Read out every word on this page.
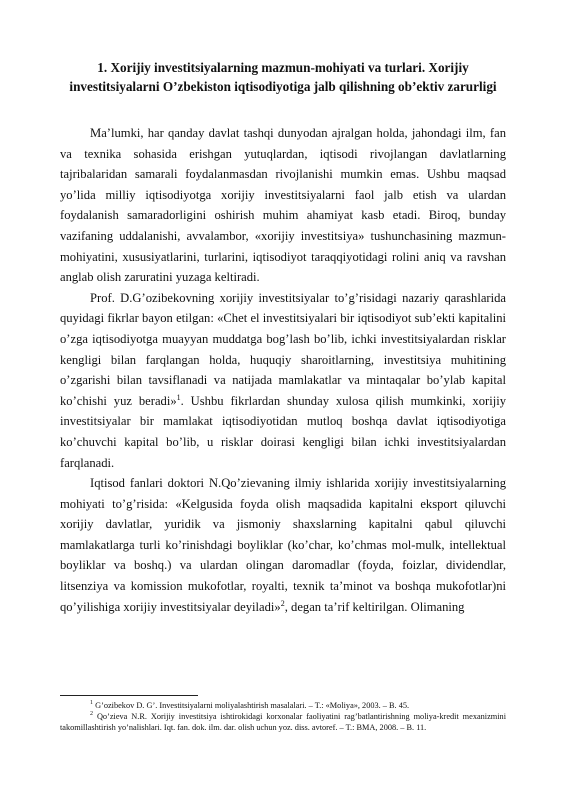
1. Xorijiy investitsiyalarning mazmun-mohiyati va turlari. Xorijiy investitsiyalarni O’zbekiston iqtisodiyotiga jalb qilishning ob’ektiv zarurligi

Ma’lumki, har qanday davlat tashqi dunyodan ajralgan holda, jahondagi ilm, fan va texnika sohasida erishgan yutuqlardan, iqtisodi rivojlangan davlatlarning tajribalaridan samarali foydalanmasdan rivojlanishi mumkin emas. Ushbu maqsad yo’lida milliy iqtisodiyotga xorijiy investitsiyalarni faol jalb etish va ulardan foydalanish samaradorligini oshirish muhim ahamiyat kasb etadi. Biroq, bunday vazifaning uddalanishi, avvalambor, «xorijiy investitsiya» tushunchasining mazmun-mohiyatini, xususiyatlarini, turlarini, iqtisodiyot taraqqiyotidagi rolini aniq va ravshan anglab olish zaruratini yuzaga keltiradi.

Prof. D.G’ozibekovning xorijiy investitsiyalar to’g’risidagi nazariy qarashlarida quyidagi fikrlar bayon etilgan: «Chet el investitsiyalari bir iqtisodiyot sub’ekti kapitalini o’zga iqtisodiyotga muayyan muddatga bog’lash bo’lib, ichki investitsiyalardan risklar kengligi bilan farqlangan holda, huquqiy sharoitlarning, investitsiya muhitining o’zgarishi bilan tavsiflanadi va natijada mamlakatlar va mintaqalar bo’ylab kapital ko’chishi yuz beradi»$^1$. Ushbu fikrlardan shunday xulosa qilish mumkinki, xorijiy investitsiyalar bir mamlakat iqtisodiyotidan mutloq boshqa davlat iqtisodiyotiga ko’chuvchi kapital bo’lib, u risklar doirasi kengligi bilan ichki investitsiyalardan farqlanadi.

Iqtisod fanlari doktori N.Qo’zievaning ilmiy ishlarida xorijiy investitsiyalarning mohiyati to’g’risida: «Kelgusida foyda olish maqsadida kapitalni eksport qiluvchi xorijiy davlatlar, yuridik va jismoniy shaxslarning kapitalni qabul qiluvchi mamlakatlarga turli ko’rinishdagi boyliklar (ko’char, ko’chmas mol-mulk, intellektual boyliklar va boshq.) va ulardan olingan daromadlar (foyda, foizlar, dividendlar, litsenziya va komission mukofotlar, royalti, texnik ta’minot va boshqa mukofotlar)ni qo’yilishiga xorijiy investitsiyalar deyiladi»$^2$, degan ta’rif keltirilgan. Olimaning

$^1$ G’ozibekov D. G’. Investitsiyalarni moliyalashtirish masalalari. – T.: «Moliya», 2003. – B. 45.

$^2$ Qo’zieva N.R. Xorijiy investitsiya ishtirokidagi korxonalar faoliyatini rag’batlantirishning moliya-kredit mexanizmini takomillashtirish yo’nalishlari. Iqt. fan. dok. ilm. dar. olish uchun yoz. diss. avtoref. – T.: BMA, 2008. – B. 11.
